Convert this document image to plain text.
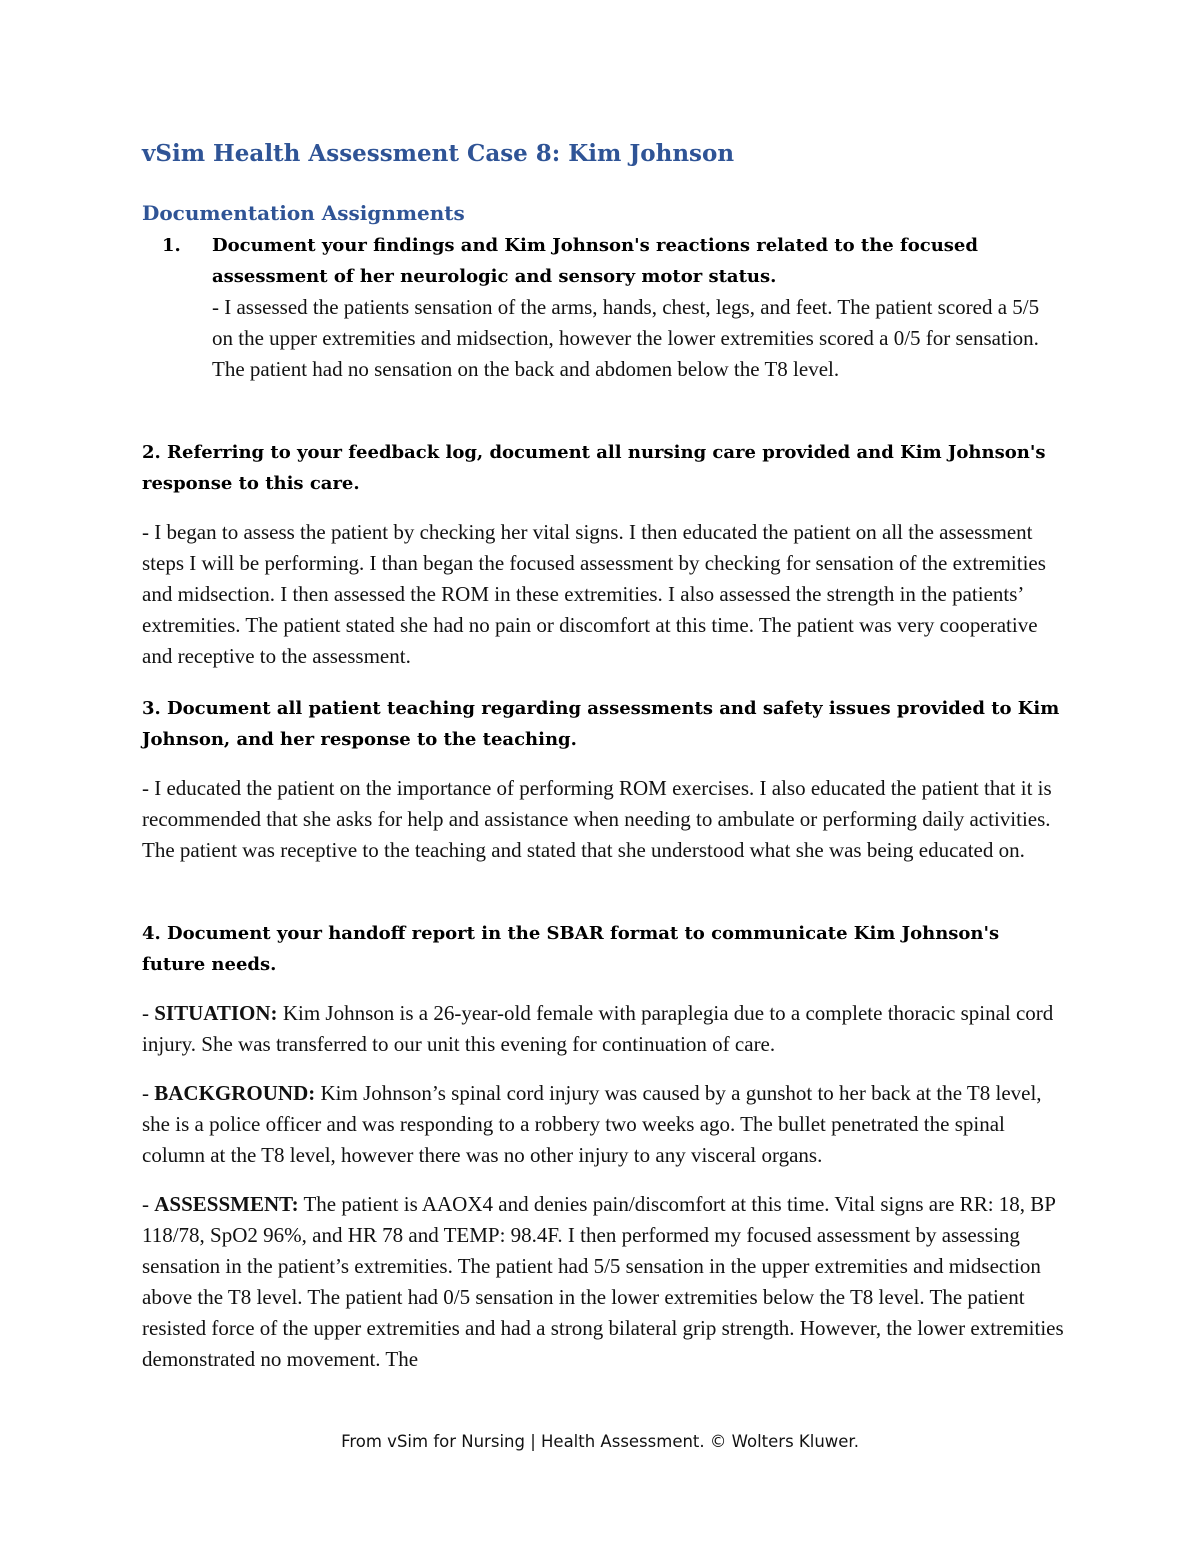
vSim Health Assessment Case 8: Kim Johnson
Documentation Assignments
1. Document your findings and Kim Johnson's reactions related to the focused assessment of her neurologic and sensory motor status.
- I assessed the patients sensation of the arms, hands, chest, legs, and feet. The patient scored a 5/5 on the upper extremities and midsection, however the lower extremities scored a 0/5 for sensation. The patient had no sensation on the back and abdomen below the T8 level.

2. Referring to your feedback log, document all nursing care provided and Kim Johnson's response to this care.

- I began to assess the patient by checking her vital signs. I then educated the patient on all the assessment steps I will be performing. I than began the focused assessment by checking for sensation of the extremities and midsection. I then assessed the ROM in these extremities. I also assessed the strength in the patients’ extremities. The patient stated she had no pain or discomfort at this time. The patient was very cooperative and receptive to the assessment.

3. Document all patient teaching regarding assessments and safety issues provided to Kim Johnson, and her response to the teaching.

- I educated the patient on the importance of performing ROM exercises. I also educated the patient that it is recommended that she asks for help and assistance when needing to ambulate or performing daily activities. The patient was receptive to the teaching and stated that she understood what she was being educated on.

4. Document your handoff report in the SBAR format to communicate Kim Johnson's future needs.

- SITUATION: Kim Johnson is a 26-year-old female with paraplegia due to a complete thoracic spinal cord injury. She was transferred to our unit this evening for continuation of care.

- BACKGROUND: Kim Johnson’s spinal cord injury was caused by a gunshot to her back at the T8 level, she is a police officer and was responding to a robbery two weeks ago. The bullet penetrated the spinal column at the T8 level, however there was no other injury to any visceral organs.

- ASSESSMENT: The patient is AAOX4 and denies pain/discomfort at this time. Vital signs are RR: 18, BP 118/78, SpO2 96%, and HR 78 and TEMP: 98.4F. I then performed my focused assessment by assessing sensation in the patient’s extremities. The patient had 5/5 sensation in the upper extremities and midsection above the T8 level. The patient had 0/5 sensation in the lower extremities below the T8 level. The patient resisted force of the upper extremities and had a strong bilateral grip strength. However, the lower extremities demonstrated no movement. The

From vSim for Nursing | Health Assessment. © Wolters Kluwer.
